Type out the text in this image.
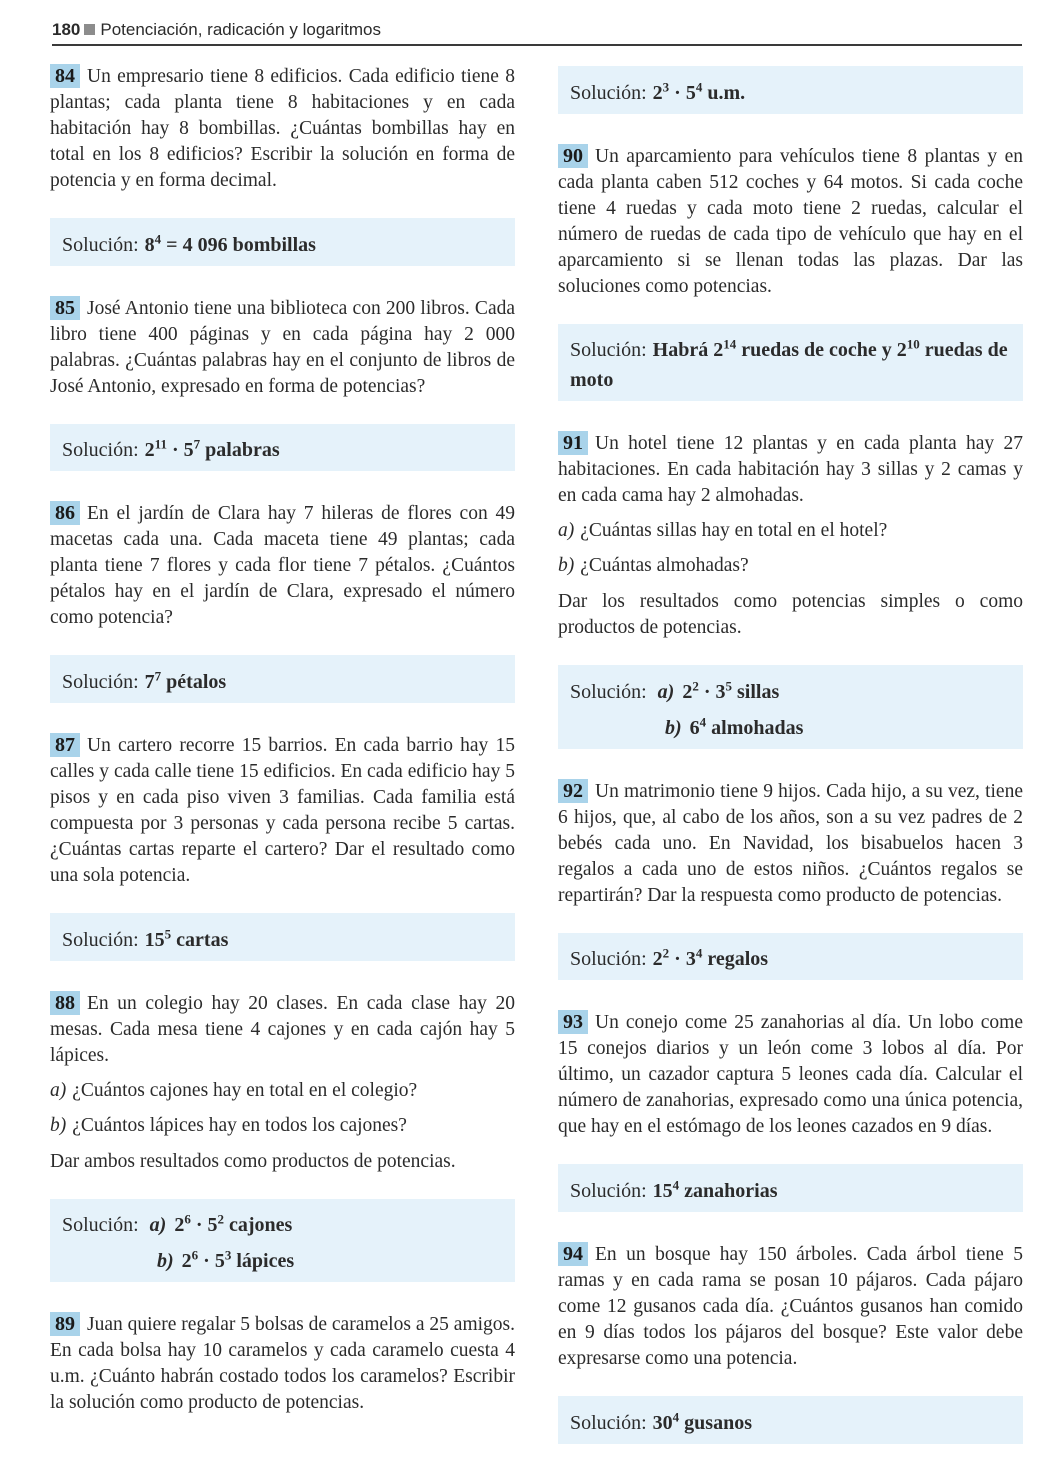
180 Potenciación, radicación y logaritmos

84 Un empresario tiene 8 edificios. Cada edificio tiene 8 plantas; cada planta tiene 8 habitaciones y en cada habitación hay 8 bombillas. ¿Cuántas bombillas hay en total en los 8 edificios? Escribir la solución en forma de potencia y en forma decimal.

Solución: $8^4 = 4$ 096 bombillas

85 José Antonio tiene una biblioteca con 200 libros. Cada libro tiene 400 páginas y en cada página hay 2 000 palabras. ¿Cuántas palabras hay en el conjunto de libros de José Antonio, expresado en forma de potencias?

Solución: $2^{11} \cdot 5^7$ palabras

86 En el jardín de Clara hay 7 hileras de flores con 49 macetas cada una. Cada maceta tiene 49 plantas; cada planta tiene 7 flores y cada flor tiene 7 pétalos. ¿Cuántos pétalos hay en el jardín de Clara, expresado el número como potencia?

Solución: $7^7$ pétalos

87 Un cartero recorre 15 barrios. En cada barrio hay 15 calles y cada calle tiene 15 edificios. En cada edificio hay 5 pisos y en cada piso viven 3 familias. Cada familia está compuesta por 3 personas y cada persona recibe 5 cartas. ¿Cuántas cartas reparte el cartero? Dar el resultado como una sola potencia.

Solución: $15^5$ cartas

88 En un colegio hay 20 clases. En cada clase hay 20 mesas. Cada mesa tiene 4 cajones y en cada cajón hay 5 lápices.

a) ¿Cuántos cajones hay en total en el colegio?
b) ¿Cuántos lápices hay en todos los cajones?
Dar ambos resultados como productos de potencias.
Solución: a) $2^6 \cdot 5^2$ cajones
b) $2^6 \cdot 5^3$ lápices

89 Juan quiere regalar 5 bolsas de caramelos a 25 amigos. En cada bolsa hay 10 caramelos y cada caramelo cuesta 4 u.m. ¿Cuánto habrán costado todos los caramelos? Escribir la solución como producto de potencias.

Solución: $2^3 \cdot 5^4$ u.m.

90 Un aparcamiento para vehículos tiene 8 plantas y en cada planta caben 512 coches y 64 motos. Si cada coche tiene 4 ruedas y cada moto tiene 2 ruedas, calcular el número de ruedas de cada tipo de vehículo que hay en el aparcamiento si se llenan todas las plazas. Dar las soluciones como potencias.

Solución: Habrá $2^{14}$ ruedas de coche y $2^{10}$ ruedas de moto

91 Un hotel tiene 12 plantas y en cada planta hay 27 habitaciones. En cada habitación hay 3 sillas y 2 camas y en cada cama hay 2 almohadas.

a) ¿Cuántas sillas hay en total en el hotel?
b) ¿Cuántas almohadas?
Dar los resultados como potencias simples o como productos de potencias.
Solución: a) $2^2 \cdot 3^5$ sillas
b) $6^4$ almohadas

92 Un matrimonio tiene 9 hijos. Cada hijo, a su vez, tiene 6 hijos, que, al cabo de los años, son a su vez padres de 2 bebés cada uno. En Navidad, los bisabuelos hacen 3 regalos a cada uno de estos niños. ¿Cuántos regalos se repartirán? Dar la respuesta como producto de potencias.

Solución: $2^2 \cdot 3^4$ regalos

93 Un conejo come 25 zanahorias al día. Un lobo come 15 conejos diarios y un león come 3 lobos al día. Por último, un cazador captura 5 leones cada día. Calcular el número de zanahorias, expresado como una única potencia, que hay en el estómago de los leones cazados en 9 días.

Solución: $15^4$ zanahorias

94 En un bosque hay 150 árboles. Cada árbol tiene 5 ramas y en cada rama se posan 10 pájaros. Cada pájaro come 12 gusanos cada día. ¿Cuántos gusanos han comido en 9 días todos los pájaros del bosque? Este valor debe expresarse como una potencia.

Solución: $30^4$ gusanos
